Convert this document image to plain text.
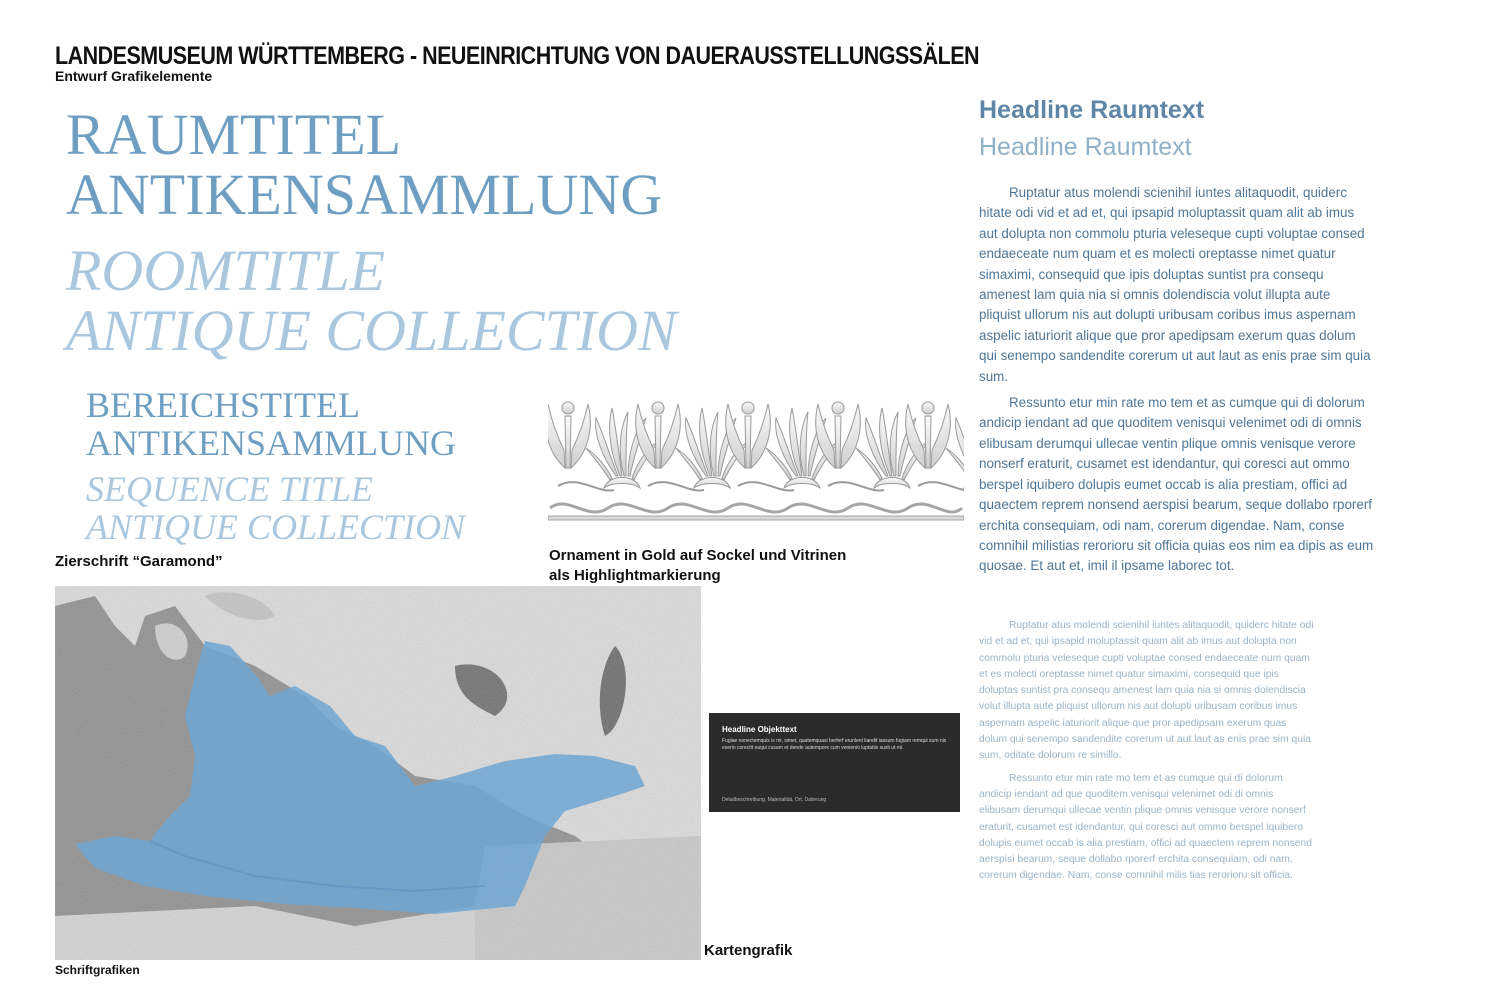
LANDESMUSEUM WÜRTTEMBERG - NEUEINRICHTUNG VON DAUERAUSSTELLUNGSSÄLEN
Entwurf Grafikelemente
RAUMTITEL
ANTIKENSAMMLUNG
ROOMTITLE
ANTIQUE COLLECTION
BEREICHSTITEL
ANTIKENSAMMLUNG
SEQUENCE TITLE
ANTIQUE COLLECTION
Zierschrift “Garamond”	Ornament in Gold auf Sockel und Vitrinen
als Highlightmarkierung
Kartengrafik
Headline Objekttext
Fugiae nonectemquis is mi, simet, quatemquasi berferf erunlent liandit iassum fugiam remqui sum nis exerio corectit eaqui cusam et dende autempore cum venienio luptatiis susti ut mi.
Detailbeschreibung, Materialität, Ort, Datierung
Headline Raumtext
Headline Raumtext

Ruptatur atus molendi scienihil iuntes alitaquodit, quiderc hitate odi vid et ad et, qui ipsapid moluptassit quam alit ab imus aut dolupta non commolu pturia veleseque cupti voluptae consed endaeceate num quam et es molecti oreptasse nimet quatur simaximi, consequid que ipis doluptas suntist pra consequ amenest lam quia nia si omnis dolendiscia volut illupta aute pliquist ullorum nis aut dolupti uribusam coribus imus aspernam aspelic iaturiorit alique que pror apedipsam exerum quas dolum qui senempo sandendite corerum ut aut laut as enis prae sim quia sum.

Ressunto etur min rate mo tem et as cumque qui di dolorum andicip iendant ad que quoditem venisqui velenimet odi di omnis elibusam derumqui ullecae ventin plique omnis venisque verore nonserf eraturit, cusamet est idendantur, qui coresci aut ommo berspel iquibero dolupis eumet occab is alia prestiam, offici ad quaectem reprem nonsend aerspisi bearum, seque dollabo rporerf erchita consequiam, odi nam, corerum digendae. Nam, conse comnihil milistias rerorioru sit officia quias eos nim ea dipis as eum quosae. Et aut et, imil il ipsame laborec tot.

Ruptatur atus molendi scienihil iuntes alitaquodit, quiderc hitate odi vid et ad et, qui ipsapid moluptassit quam alit ab imus aut dolupta non commolu pturia veleseque cupti voluptae consed endaeceate num quam et es molecti oreptasse nimet quatur simaximi, consequid que ipis doluptas suntist pra consequ amenest lam quia nia si omnis dolendiscia volut illupta aute pliquist ullorum nis aut dolupti uribusam coribus imus aspernam aspelic iaturiorit alique que pror apedipsam exerum quas dolum qui senempo sandendite corerum ut aut laut as enis prae sim quia sum, oditate dolorum re simillo.

Ressunto etur min rate mo tem et as cumque qui di dolorum andicip iendant ad que quoditem venisqui velenimet odi di omnis elibusam derumqui ullecae ventin plique omnis venisque verore nonserf eraturit, cusamet est idendantur, qui coresci aut ommo berspel iquibero dolupis eumet occab is alia prestiam, offici ad quaectem reprem nonsend aerspisi bearum, seque dollabo rporerf erchita consequiam, odi nam, corerum digendae. Nam, conse comnihil milis tias rerorioru sit officia.

Schriftgrafiken
